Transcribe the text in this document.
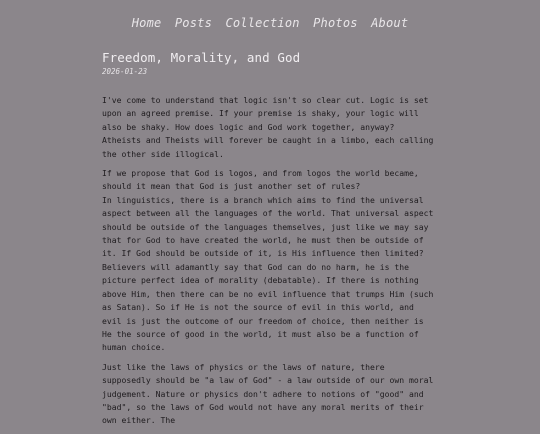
Home Posts Collection Photos About
Freedom, Morality, and God
2026-01-23

I've come to understand that logic isn't so clear cut. Logic is set upon an agreed premise. If your premise is shaky, your logic will also be shaky. How does logic and God work together, anyway? Atheists and Theists will forever be caught in a limbo, each calling the other side illogical.

If we propose that God is logos, and from logos the world became, should it mean that God is just another set of rules?

In linguistics, there is a branch which aims to find the universal aspect between all the languages of the world. That universal aspect should be outside of the languages themselves, just like we may say that for God to have created the world, he must then be outside of it. If God should be outside of it, is His influence then limited? Believers will adamantly say that God can do no harm, he is the picture perfect idea of morality (debatable). If there is nothing above Him, then there can be no evil influence that trumps Him (such as Satan). So if He is not the source of evil in this world, and evil is just the outcome of our freedom of choice, then neither is He the source of good in the world, it must also be a function of human choice.

Just like the laws of physics or the laws of nature, there supposedly should be "a law of God" - a law outside of our own moral judgement. Nature or physics don't adhere to notions of "good" and "bad", so the laws of God would not have any moral merits of their own either. The
